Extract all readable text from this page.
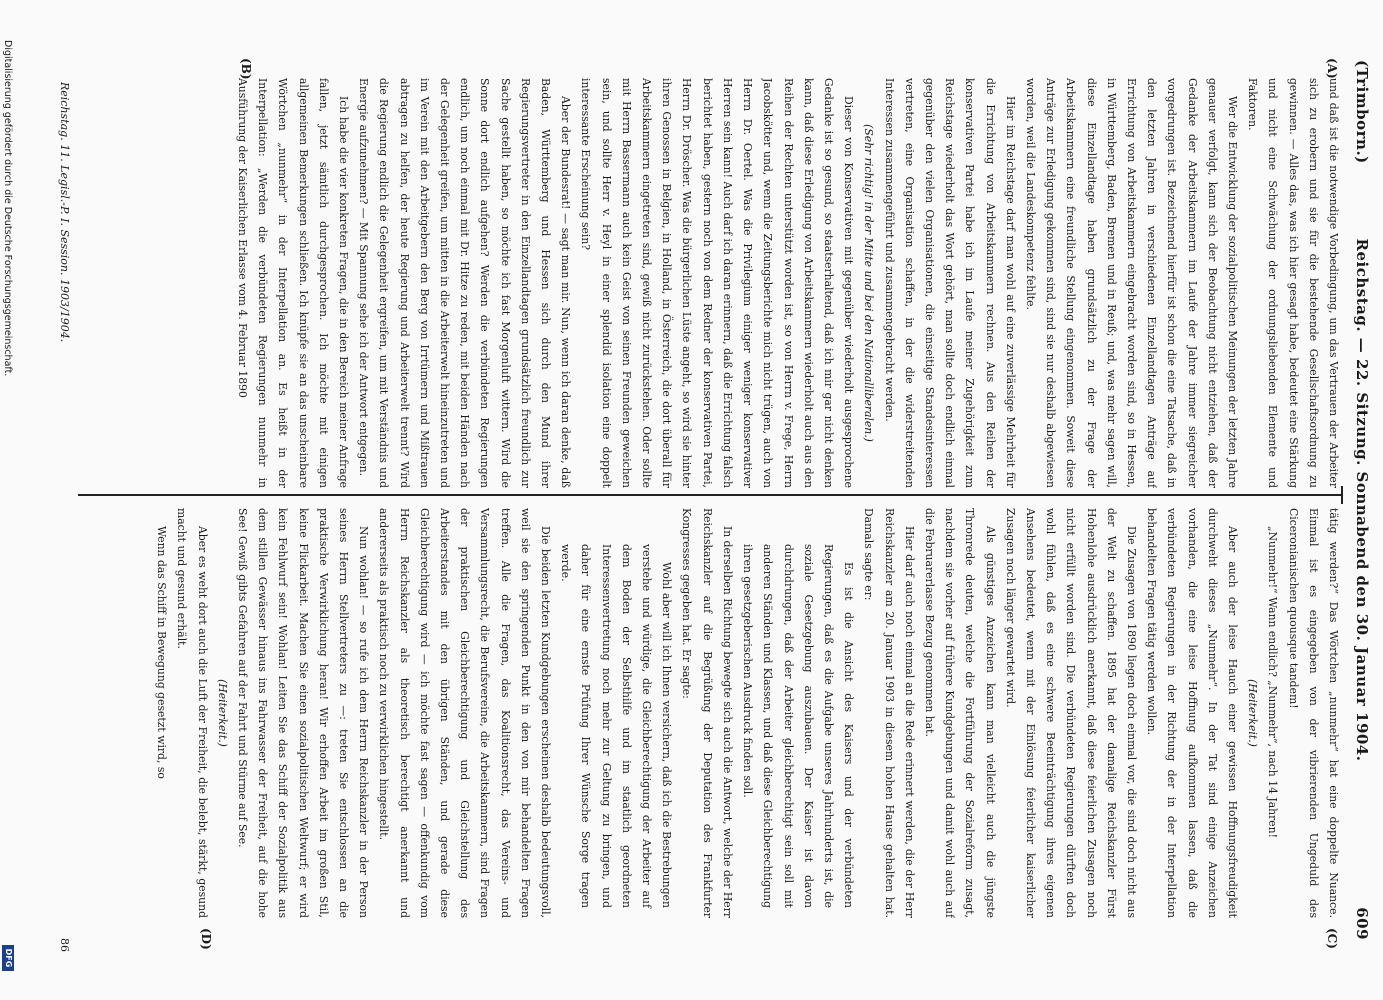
(Trimborn.)
Reichstag. — 22. Sitzung. Sonnabend den 30. Januar 1904.
609
(A)
(B)
(C)
(D)

und daß ist die notwendige Vorbedingung, um das Vertrauen der Arbeiter sich zu erobern und sie für die bestehende Gesellschaftsordnung zu gewinnen. — Alles das, was ich hier gesagt habe, bedeutet eine Stärkung und nicht eine Schwächung der ordnungsliebenden Elemente und Faktoren.

Wer die Entwicklung der sozialpolitischen Meinungen der letzten Jahre genauer verfolgt, kann sich der Beobachtung nicht entziehen, daß der Gedanke der Arbeitskammern im Laufe der Jahre immer siegreicher vorgedrungen ist. Bezeichnend hierfür ist schon die eine Tatsache, daß in den letzten Jahren in verschiedenen Einzellandtagen Anträge auf Errichtung von Arbeitskammern eingebracht worden sind, so in Hessen, in Württemberg, Baden, Bremen und in Reuß; und, was mehr sagen will, diese Einzellandtage haben grundsätzlich zu der Frage der Arbeitskammern eine freundliche Stellung eingenommen. Soweit diese Anträge zur Erledigung gekommen sind, sind sie nur deshalb abgewiesen worden, weil die Landeskompetenz fehlte.

Hier im Reichstage darf man wohl auf eine zuverlässige Mehrheit für die Errichtung von Arbeitskammern rechnen. Aus den Reihen der konservativen Partei habe ich im Laufe meiner Zugehörigkeit zum Reichstage wiederholt das Wort gehört, man sollte doch endlich einmal gegenüber den vielen Organisationen, die einseitige Standesinteressen vertreten, eine Organisation schaffen, in der die widerstreitenden Interessen zusammengeführt und zusammengebracht werden.

(Sehr richtig! in der Mitte und bei den Nationalliberalen.)

Dieser von Konservativen mit gegenüber wiederholt ausgesprochene Gedanke ist so gesund, so staatserhaltend, daß ich mir gar nicht denken kann, daß diese Erledigung von Arbeitskammern wiederholt auch aus den Reihen der Rechten unterstützt worden ist, so von Herrn v. Frege, Herrn Jacobskötter und, wenn die Zeitungsberichte mich nicht trügen, auch von Herrn Dr. Oertel. Was die Privilegium einiger weniger konservativer Herren sein kann! Auch darf ich daran erinnern, daß die Errichtung falsch berichtet haben, gestern noch von dem Redner der konservativen Partei, Herrn Dr. Dröscher. Was die bürgerlichen Lüste angeht, so wird sie hinter ihren Genossen in Belgien, in Holland, in Österreich, die dort überall für Arbeitskammern eingetreten sind, gewiß nicht zurückstehen. Oder sollte mit Herrn Bassermann auch kein Geist von seinen Freunden geweichen sein, und sollte Herr v. Heyl in einer splendid isolation eine doppelt interessante Erscheinung sein?

Aber der Bundesrat! — sagt man mir. Nun, wenn ich daran denke, daß Baden, Württemberg und Hessen sich durch den Mund ihrer Regierungsvertreter in den Einzellandtagen grundsätzlich freundlich zur Sache gestellt haben, so möchte ich fast Morgenluft wittern. Wird die Sonne dort endlich aufgehen? Werden die verbündeten Regierungen endlich, um noch einmal mit Dr. Hitze zu reden, mit beiden Händen nach der Gelegenheit greifen, um mitten in die Arbeiterwelt hineinzutreten und im Verein mit den Arbeitgebern den Berg von Irrtümern und Mißtrauen abtragen zu helfen, der heute Regierung und Arbeiterwelt trennt? Wird die Regierung endlich die Gelegenheit ergreifen, um mit Verständnis und Energie aufzunehmen? — Mit Spannung sehe ich der Antwort entgegen.

Ich habe die vier konkreten Fragen, die in den Bereich meiner Anfrage fallen, jetzt sämtlich durchgesprochen. Ich möchte mit einigen allgemeinen Bemerkungen schließen. Ich knüpfe sie an das unscheinbare Wörtchen „nunmehr“ in der Interpellation an. Es heißt in der Interpellation: „Werden die verbündeten Regierungen nunmehr in Ausführung der Kaiserlichen Erlasse vom 4. Februar 1890

tätig werden?“ Das Wörtchen „nunmehr“ hat eine doppelte Nuance. Einmal ist es eingegeben von der vibrierenden Ungeduld des Ciceronianischen quousque tandem!

„Nunmehr!“ Wann endlich? „Nunmehr“, nach 14 Jahren!

(Heiterkeit.)

Aber auch der leise Hauch einer gewissen Hoffnungsfreudigkeit durchweht dieses „Nunmehr“. In der Tat sind einige Anzeichen vorhanden, die eine leise Hoffnung aufkommen lassen, daß die verbündeten Regierungen in der Richtung der in der Interpellation behandelten Fragen tätig werden wollen.

Die Zusagen von 1890 liegen doch einmal vor, die sind doch nicht aus der Welt zu schaffen. 1895 hat der damalige Reichskanzler Fürst Hohenlohe ausdrücklich anerkannt, daß diese feierlichen Zusagen noch nicht erfüllt worden sind. Die verbündeten Regierungen dürften doch wohl fühlen, daß es eine schwere Beeinträchtigung ihres eigenen Ansehens bedeutet, wenn mit der Einlösung feierlicher kaiserlicher Zusagen noch länger gewartet wird.

Als günstiges Anzeichen kann man vielleicht auch die jüngste Thronrede deuten, welche die Fortführung der Sozialreform zusagt, nachdem sie vorher auf frühere Kundgebungen und damit wohl auch auf die Februarerlasse Bezug genommen hat.

Hier darf auch noch einmal an die Rede erinnert werden, die der Herr Reichskanzler am 20. Januar 1903 in diesem hohen Hause gehalten hat. Damals sagte er:

Es ist die Ansicht des Kaisers und der verbündeten Regierungen, daß es die Aufgabe unseres Jahrhunderts ist, die soziale Gesetzgebung auszubauen. Der Kaiser ist davon durchdrungen, daß der Arbeiter gleichberechtigt sein soll mit anderen Ständen und Klassen, und daß diese Gleichberechtigung ihren gesetzgeberischen Ausdruck finden soll.

In derselben Richtung bewegte sich auch die Antwort, welche der Herr Reichskanzler auf die Begrüßung der Deputation des Frankfurter Kongresses gegeben hat. Er sagte:

Wohl aber will ich Ihnen versichern, daß ich die Bestrebungen verstehe und würdige, die Gleichberechtigung der Arbeiter auf dem Boden der Selbsthilfe und im staatlich geordneten Interessenvertretung noch mehr zur Geltung zu bringen, und daher für eine ernste Prüfung Ihrer Wünsche Sorge tragen werde.

Die beiden letzten Kundgebungen erscheinen deshalb bedeutungsvoll, weil sie den springenden Punkt in den von mir behandelten Fragen treffen. Alle die Fragen, das Koalitionsrecht, das Vereins- und Versammlungsrecht, die Berufsvereine, die Arbeitskammern, sind Fragen der praktischen Gleichberechtigung und Gleichstellung des Arbeiterstandes mit den übrigen Ständen, und gerade diese Gleichberechtigung wird — ich möchte fast sagen — offenkundig vom Herrn Reichskanzler als theoretisch berechtigt anerkannt und andererseits als praktisch noch zu verwirklichen hingestellt.

Nun wohlan! — so rufe ich dem Herrn Reichskanzler in der Person seines Herrn Stellvertreters zu —: treten Sie entschlossen an die praktische Verwirklichung heran! Wir erhoffen Arbeit im großen Stil, keine Flickarbeit. Machen Sie einen sozialpolitischen Weltwurf; er wird kein Fehlwurf sein! Wohlan! Leiten Sie das Schiff der Sozialpolitik aus dem stillen Gewässer hinaus ins Fahrwasser der Freiheit, auf die hohe See! Gewiß gibts Gefahren auf der Fahrt und Stürme auf See.

(Heiterkeit.)

Aber es weht dort auch die Luft der Freiheit, die belebt, stärkt, gesund macht und gesund erhält.

Wenn das Schiff in Bewegung gesetzt wird, so

Reichstag. 11. Legisl.-P. I. Session. 1903/1904.
86
Digitalisierung gefördert durch die Deutsche Forschungsgemeinschaft.
DFG
